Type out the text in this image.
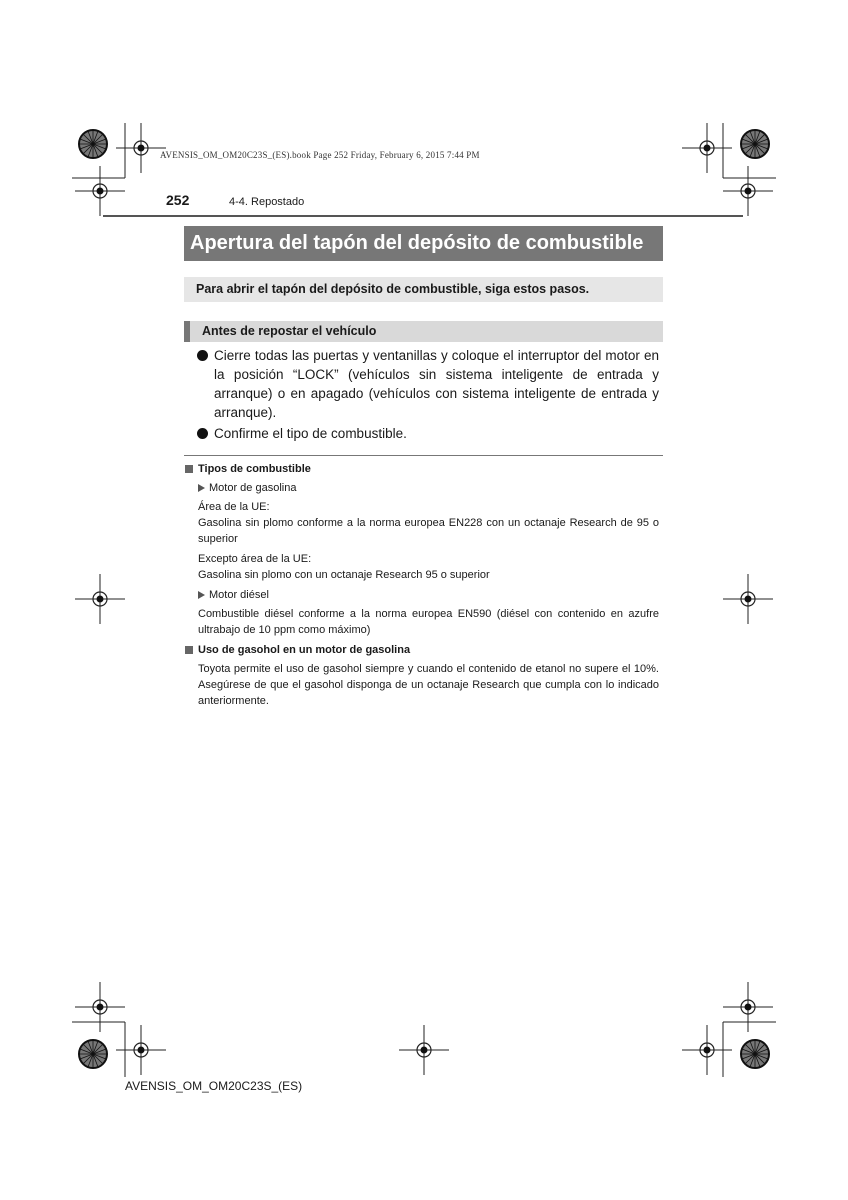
AVENSIS_OM_OM20C23S_(ES).book Page 252 Friday, February 6, 2015 7:44 PM
252	4-4. Repostado
Apertura del tapón del depósito de combustible
Para abrir el tapón del depósito de combustible, siga estos pasos.
Antes de repostar el vehículo
Cierre todas las puertas y ventanillas y coloque el interruptor del motor en la posición “LOCK” (vehículos sin sistema inteligente de entrada y arranque) o en apagado (vehículos con sistema inteligente de entrada y arranque).
Confirme el tipo de combustible.
Tipos de combustible
Motor de gasolina
Área de la UE:
Gasolina sin plomo conforme a la norma europea EN228 con un octanaje Research de 95 o superior
Excepto área de la UE:
Gasolina sin plomo con un octanaje Research 95 o superior
Motor diésel
Combustible diésel conforme a la norma europea EN590 (diésel con contenido en azufre ultrabajo de 10 ppm como máximo)
Uso de gasohol en un motor de gasolina
Toyota permite el uso de gasohol siempre y cuando el contenido de etanol no supere el 10%. Asegúrese de que el gasohol disponga de un octanaje Research que cumpla con lo indicado anteriormente.
AVENSIS_OM_OM20C23S_(ES)
